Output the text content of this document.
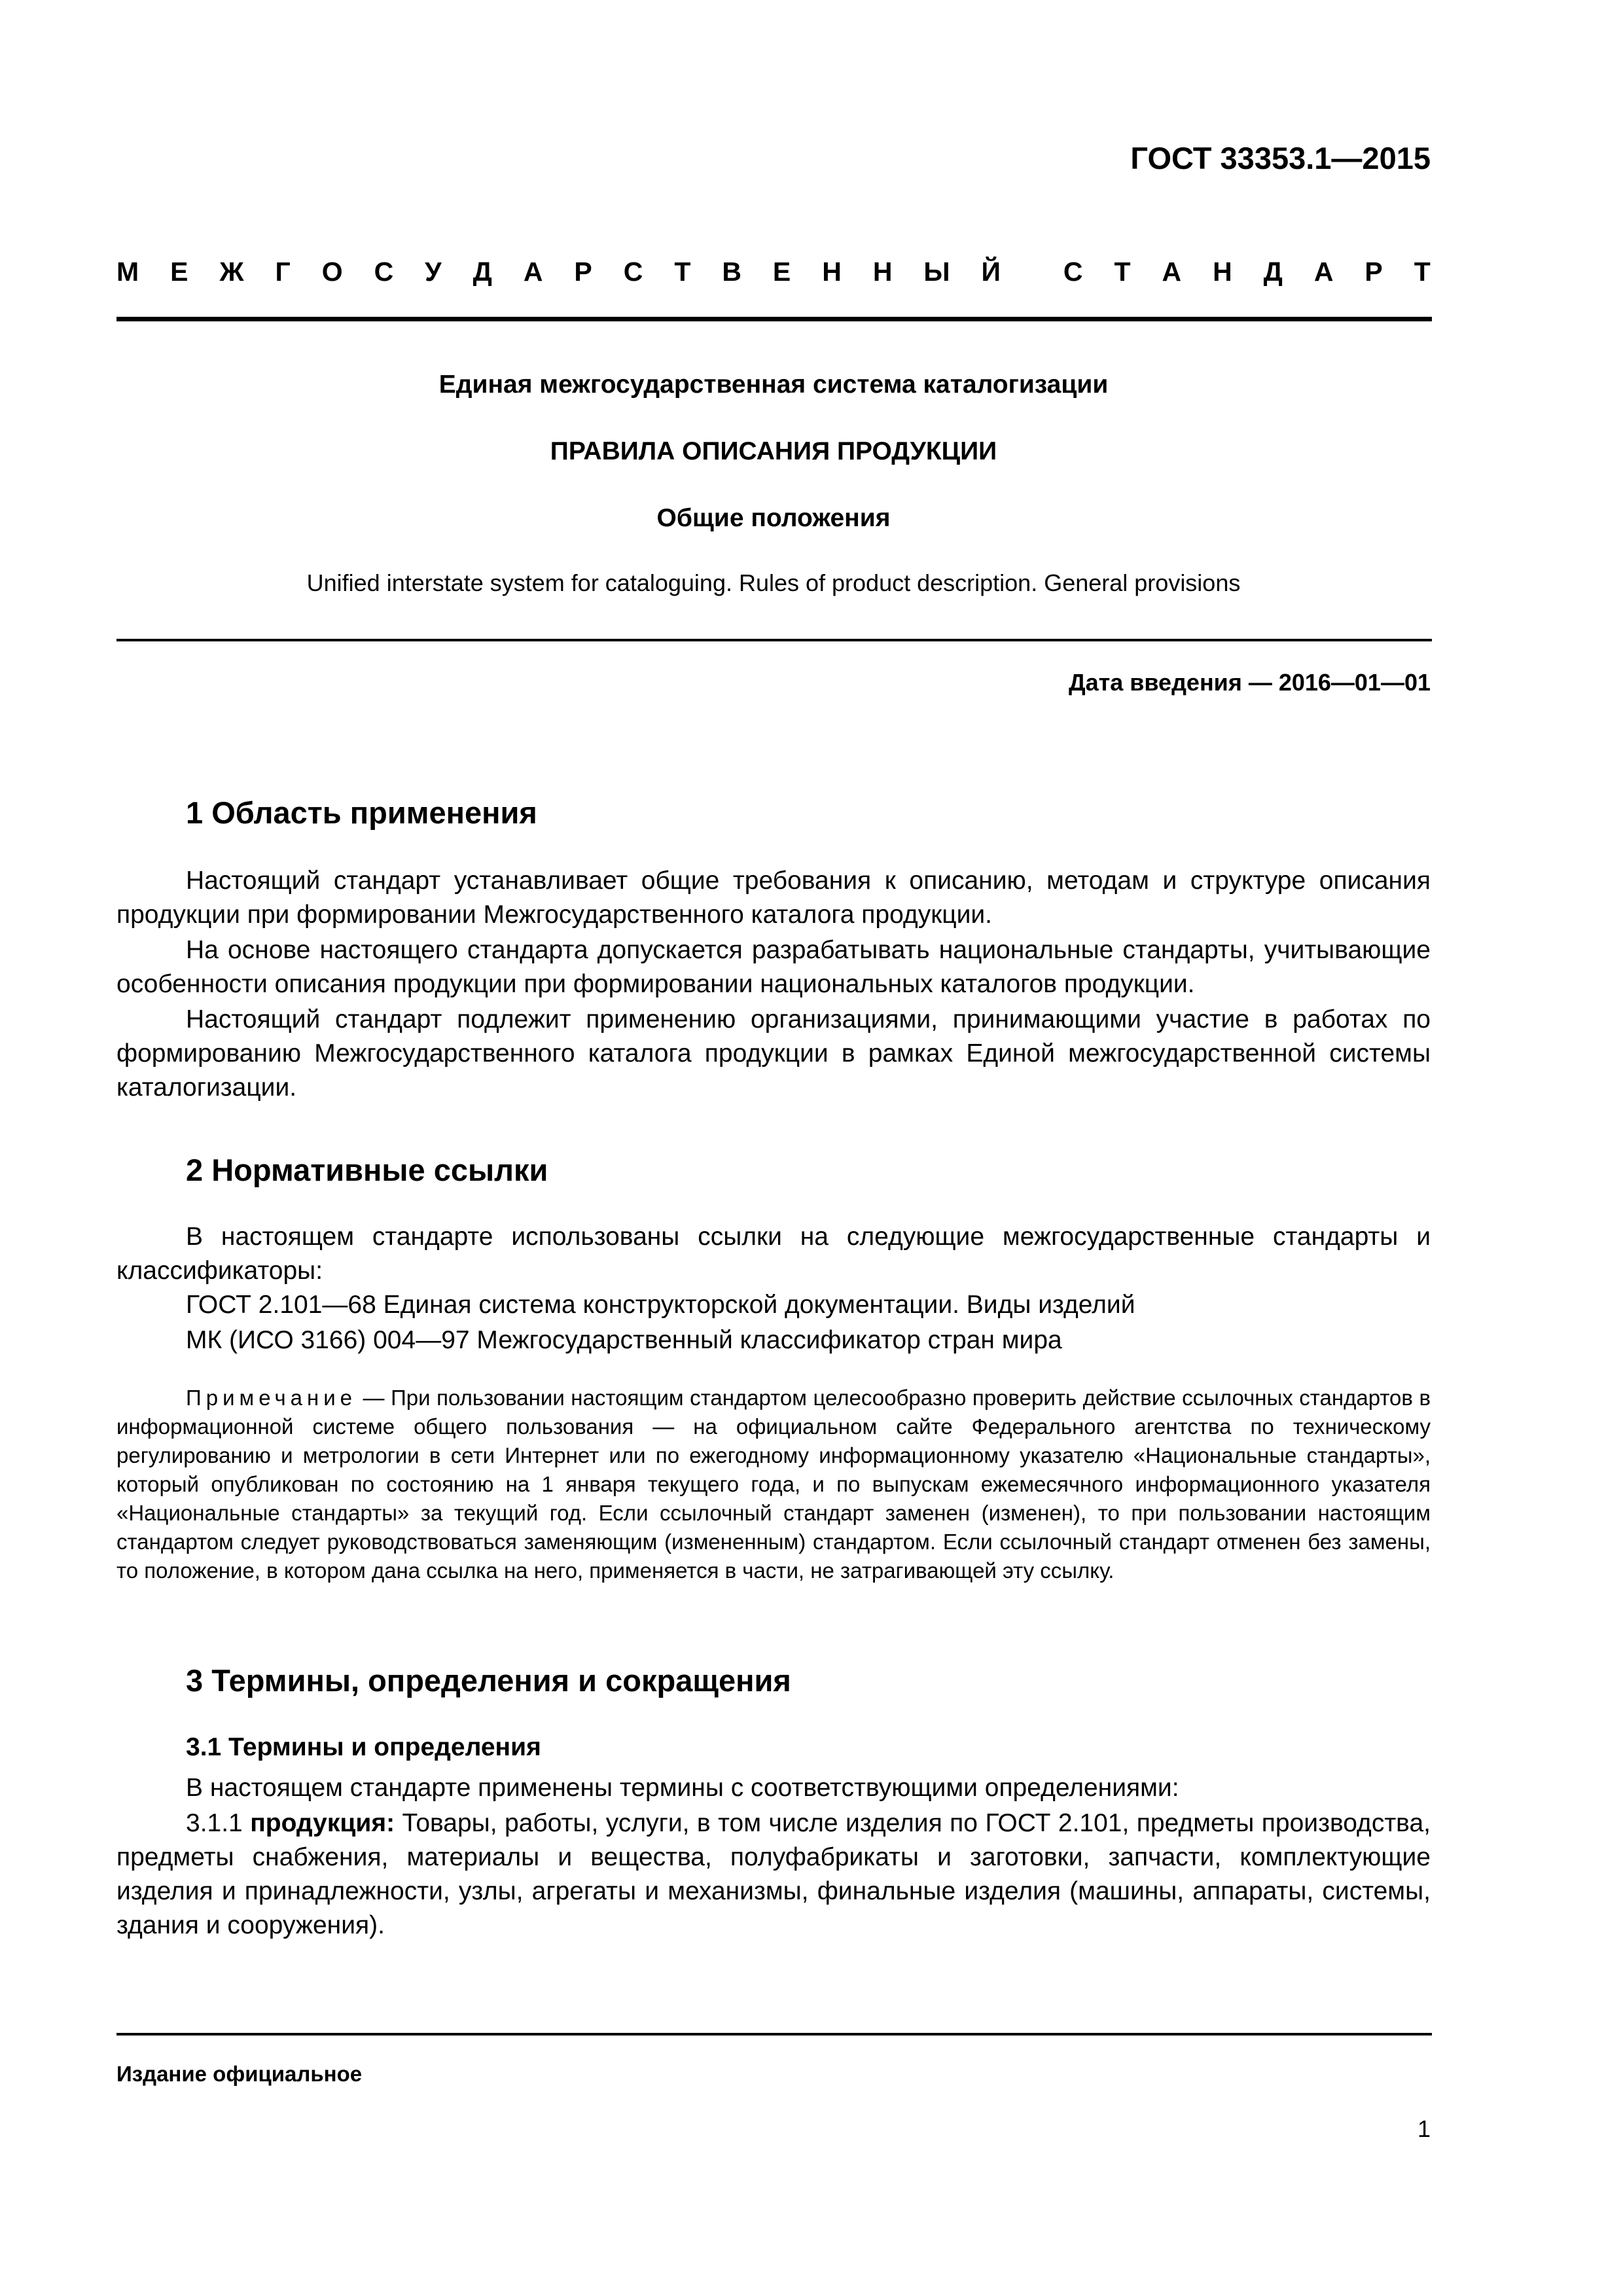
ГОСТ 33353.1—2015
М Е Ж Г О С У Д А Р С Т В Е Н Н Ы Й С Т А Н Д А Р Т
Единая межгосударственная система каталогизации
ПРАВИЛА ОПИСАНИЯ ПРОДУКЦИИ
Общие положения
Unified interstate system for cataloguing. Rules of product description. General provisions
Дата введения — 2016—01—01
1 Область применения
Настоящий стандарт устанавливает общие требования к описанию, методам и структуре описания продукции при формировании Межгосударственного каталога продукции.
На основе настоящего стандарта допускается разрабатывать национальные стандарты, учитывающие особенности описания продукции при формировании национальных каталогов продукции.
Настоящий стандарт подлежит применению организациями, принимающими участие в работах по формированию Межгосударственного каталога продукции в рамках Единой межгосударственной системы каталогизации.
2 Нормативные ссылки
В настоящем стандарте использованы ссылки на следующие межгосударственные стандарты и классификаторы:
ГОСТ 2.101—68 Единая система конструкторской документации. Виды изделий
МК (ИСО 3166) 004—97 Межгосударственный классификатор стран мира
Примечание — При пользовании настоящим стандартом целесообразно проверить действие ссылочных стандартов в информационной системе общего пользования — на официальном сайте Федерального агентства по техническому регулированию и метрологии в сети Интернет или по ежегодному информационному указателю «Национальные стандарты», который опубликован по состоянию на 1 января текущего года, и по выпускам ежемесячного информационного указателя «Национальные стандарты» за текущий год. Если ссылочный стандарт заменен (изменен), то при пользовании настоящим стандартом следует руководствоваться заменяющим (измененным) стандартом. Если ссылочный стандарт отменен без замены, то положение, в котором дана ссылка на него, применяется в части, не затрагивающей эту ссылку.
3 Термины, определения и сокращения
3.1 Термины и определения
В настоящем стандарте применены термины с соответствующими определениями:
3.1.1 продукция: Товары, работы, услуги, в том числе изделия по ГОСТ 2.101, предметы производства, предметы снабжения, материалы и вещества, полуфабрикаты и заготовки, запчасти, комплектующие изделия и принадлежности, узлы, агрегаты и механизмы, финальные изделия (машины, аппараты, системы, здания и сооружения).
Издание официальное
1
